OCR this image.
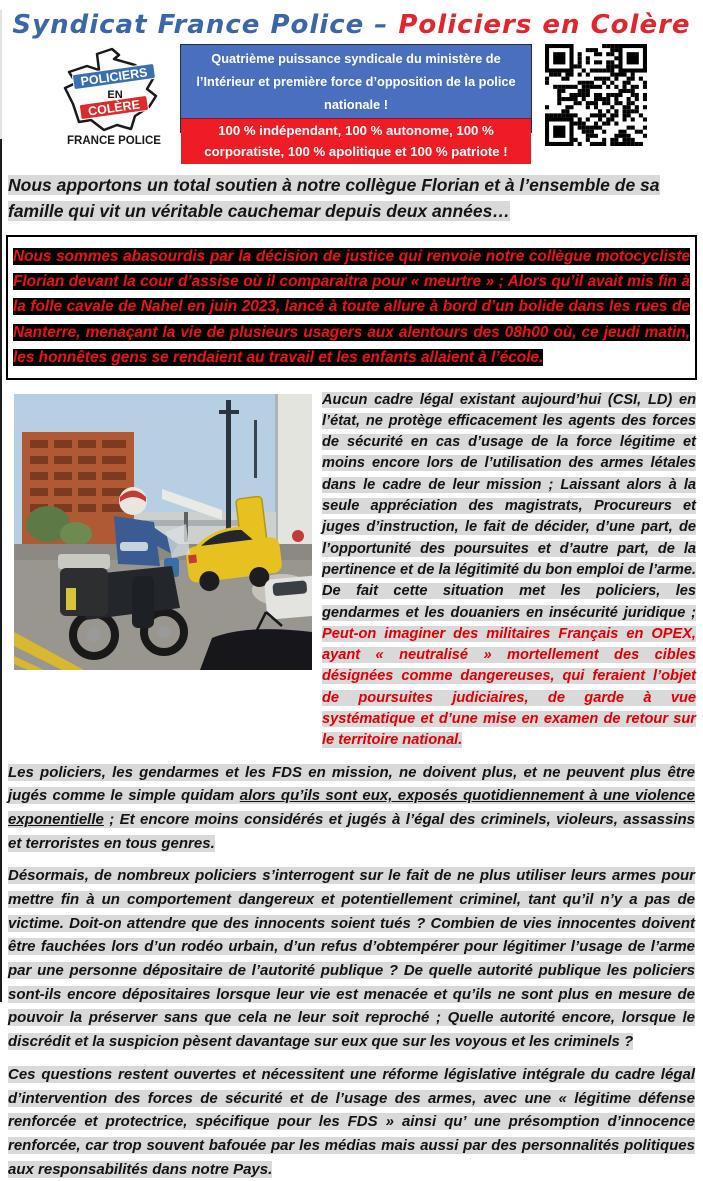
Syndicat France Police – Policiers en Colère
POLICIERS
EN
COLÈRE
FRANCE POLICE
Quatrième puissance syndicale du ministère de l’Intérieur et première force d’opposition de la police nationale !
100 % indépendant, 100 % autonome, 100 % corporatiste, 100 % apolitique et 100 % patriote !
Nous apportons un total soutien à notre collègue Florian et à l’ensemble de sa famille qui vit un véritable cauchemar depuis deux années…
Nous sommes abasourdis par la décision de justice qui renvoie notre collègue motocycliste Florian devant la cour d’assise où il comparaitra pour « meurtre » ; Alors qu’il avait mis fin à la folle cavale de Nahel en juin 2023, lancé à toute allure à bord d’un bolide dans les rues de Nanterre, menaçant la vie de plusieurs usagers aux alentours des 08h00 où, ce jeudi matin, les honnêtes gens se rendaient au travail et les enfants allaient à l’école.
Aucun cadre légal existant aujourd’hui (CSI, LD) en l’état, ne protège efficacement les agents des forces de sécurité en cas d’usage de la force légitime et moins encore lors de l’utilisation des armes létales dans le cadre de leur mission ; Laissant alors à la seule appréciation des magistrats, Procureurs et juges d’instruction, le fait de décider, d’une part, de l’opportunité des poursuites et d’autre part, de la pertinence et de la légitimité du bon emploi de l’arme. De fait cette situation met les policiers, les gendarmes et les douaniers en insécurité juridique ; Peut-on imaginer des militaires Français en OPEX, ayant « neutralisé » mortellement des cibles désignées comme dangereuses, qui feraient l’objet de poursuites judiciaires, de garde à vue systématique et d’une mise en examen de retour sur le territoire national.
Les policiers, les gendarmes et les FDS en mission, ne doivent plus, et ne peuvent plus être jugés comme le simple quidam alors qu’ils sont eux, exposés quotidiennement à une violence exponentielle ; Et encore moins considérés et jugés à l’égal des criminels, violeurs, assassins et terroristes en tous genres.
Désormais, de nombreux policiers s’interrogent sur le fait de ne plus utiliser leurs armes pour mettre fin à un comportement dangereux et potentiellement criminel, tant qu’il n’y a pas de victime. Doit-on attendre que des innocents soient tués ? Combien de vies innocentes doivent être fauchées lors d’un rodéo urbain, d’un refus d’obtempérer pour légitimer l’usage de l’arme par une personne dépositaire de l’autorité publique ? De quelle autorité publique les policiers sont-ils encore dépositaires lorsque leur vie est menacée et qu’ils ne sont plus en mesure de pouvoir la préserver sans que cela ne leur soit reproché ; Quelle autorité encore, lorsque le discrédit et la suspicion pèsent davantage sur eux que sur les voyous et les criminels ?
Ces questions restent ouvertes et nécessitent une réforme législative intégrale du cadre légal d’intervention des forces de sécurité et de l’usage des armes, avec une « légitime défense renforcée et protectrice, spécifique pour les FDS » ainsi qu’ une présomption d’innocence renforcée, car trop souvent bafouée par les médias mais aussi par des personnalités politiques aux responsabilités dans notre Pays.
